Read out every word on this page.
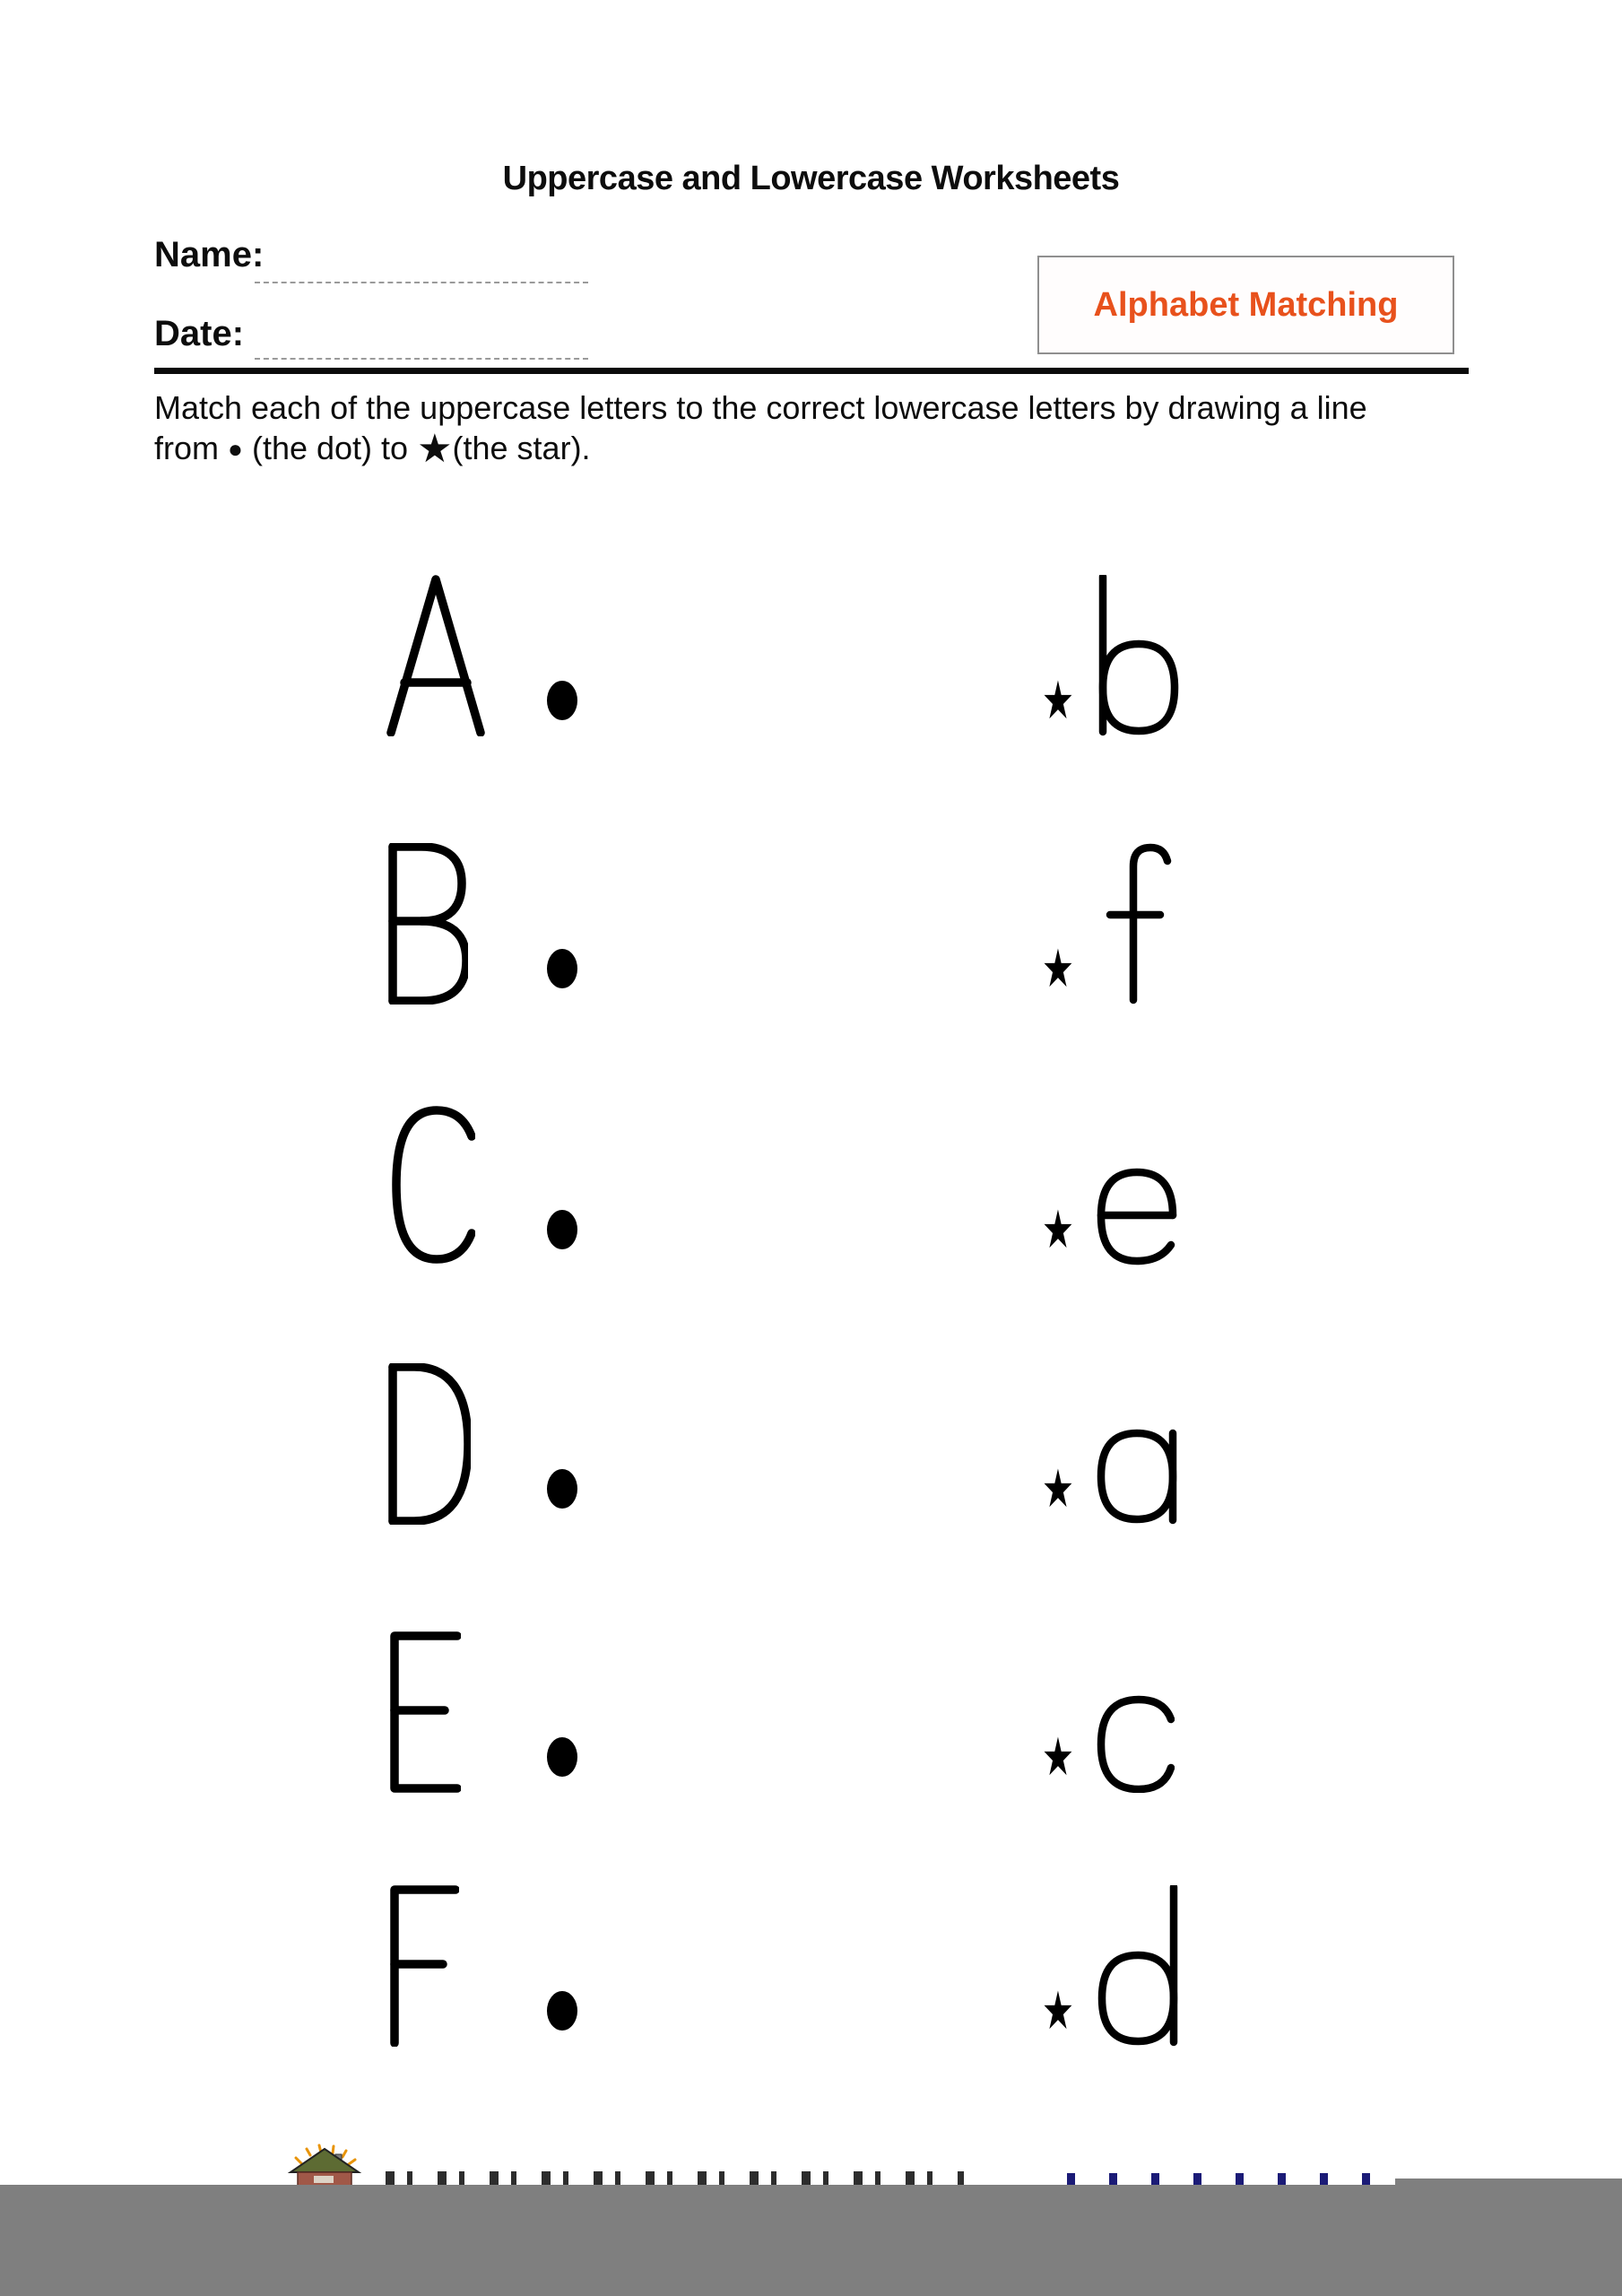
Uppercase and Lowercase Worksheets
Name:
Date:
Alphabet Matching
Match each of the uppercase letters to the correct lowercase letters by drawing a line
from ● (the dot) to ★(the star).
★
★
★
★
★
★
